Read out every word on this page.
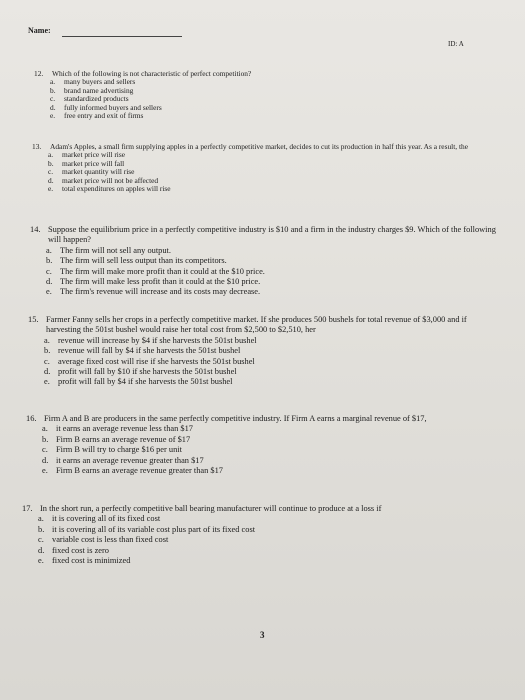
Name:
ID: A
12.	Which of the following is not characteristic of perfect competition?
a.	many buyers and sellers
b.	brand name advertising
c.	standardized products
d.	fully informed buyers and sellers
e.	free entry and exit of firms
13.	Adam's Apples, a small firm supplying apples in a perfectly competitive market, decides to cut its production in half this year. As a result, the
a.	market price will rise
b.	market price will fall
c.	market quantity will rise
d.	market price will not be affected
e.	total expenditures on apples will rise
14. Suppose the equilibrium price in a perfectly competitive industry is $10 and a firm in the industry charges $9. Which of the following will happen?
a. The firm will not sell any output.
b. The firm will sell less output than its competitors.
c. The firm will make more profit than it could at the $10 price.
d. The firm will make less profit than it could at the $10 price.
e. The firm's revenue will increase and its costs may decrease.
15. Farmer Fanny sells her crops in a perfectly competitive market. If she produces 500 bushels for total revenue of $3,000 and if harvesting the 501st bushel would raise her total cost from $2,500 to $2,510, her
a. revenue will increase by $4 if she harvests the 501st bushel
b. revenue will fall by $4 if she harvests the 501st bushel
c. average fixed cost will rise if she harvests the 501st bushel
d. profit will fall by $10 if she harvests the 501st bushel
e. profit will fall by $4 if she harvests the 501st bushel
16. Firm A and B are producers in the same perfectly competitive industry. If Firm A earns a marginal revenue of $17,
a. it earns an average revenue less than $17
b. Firm B earns an average revenue of $17
c. Firm B will try to charge $16 per unit
d. it earns an average revenue greater than $17
e. Firm B earns an average revenue greater than $17
17. In the short run, a perfectly competitive ball bearing manufacturer will continue to produce at a loss if
a. it is covering all of its fixed cost
b. it is covering all of its variable cost plus part of its fixed cost
c. variable cost is less than fixed cost
d. fixed cost is zero
e. fixed cost is minimized
3
